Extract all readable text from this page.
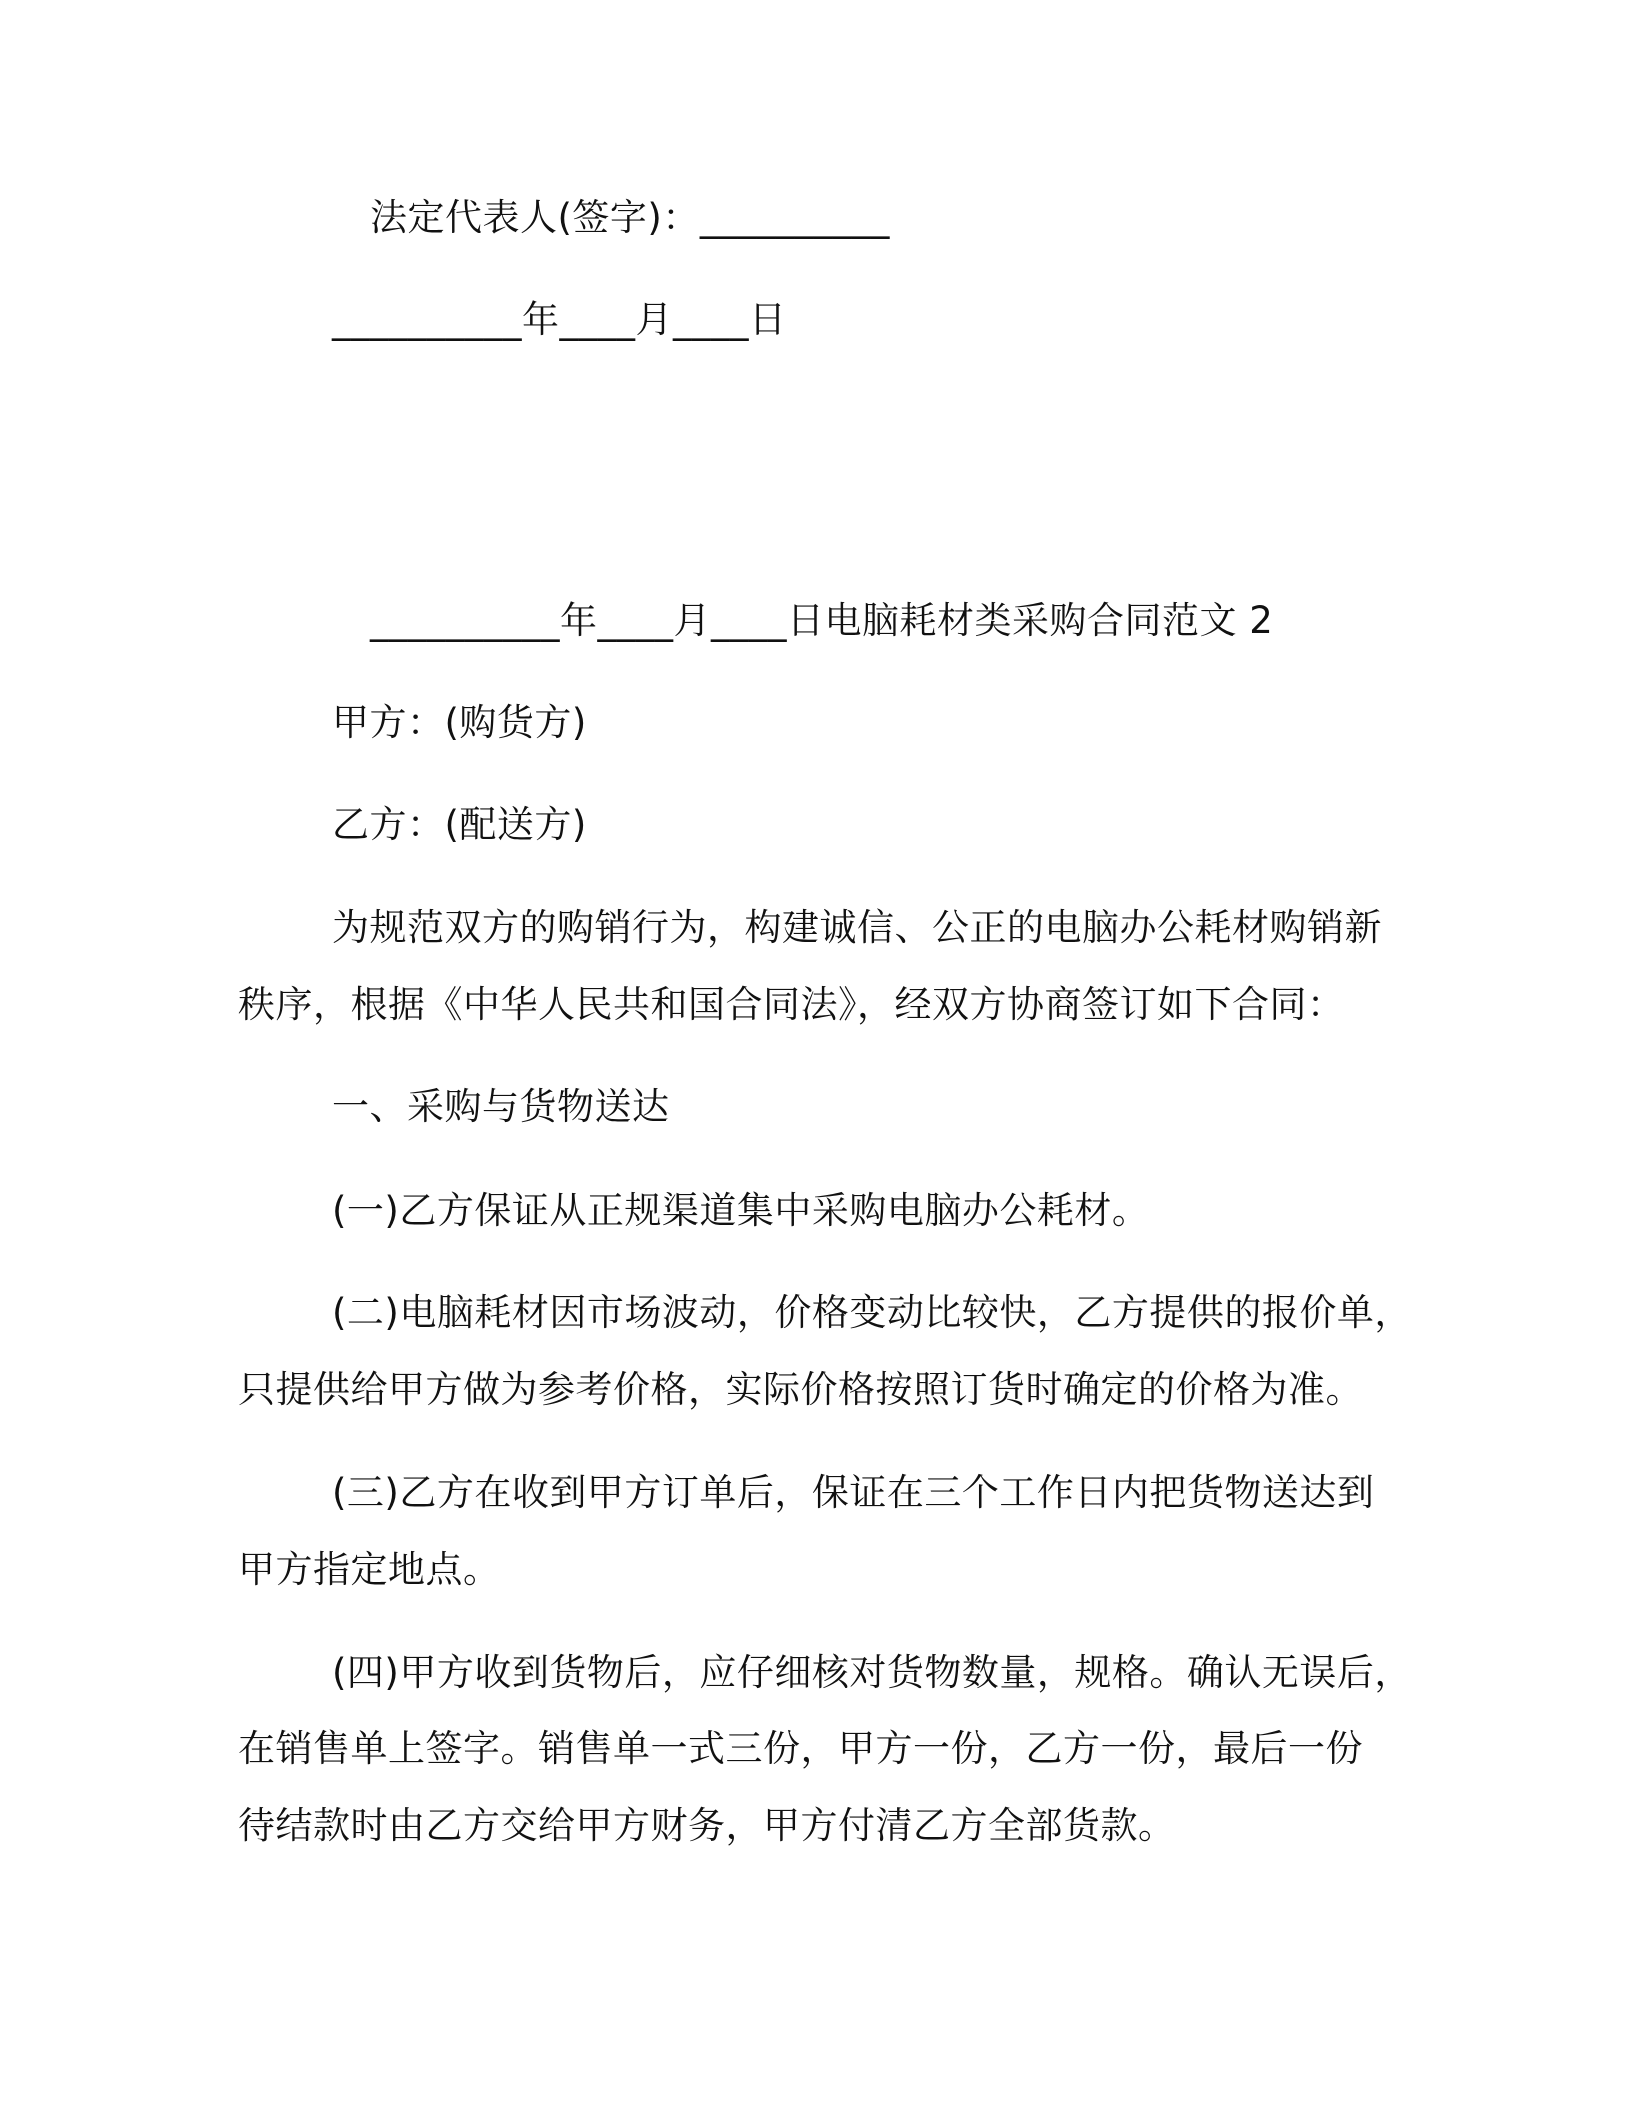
法定代表人(签字)：__________
__________年____月____日
__________年____月____日电脑耗材类采购合同范文 2
甲方：(购货方)
乙方：(配送方)
为规范双方的购销行为，构建诚信、公正的电脑办公耗材购销新
秩序，根据《中华人民共和国合同法》，经双方协商签订如下合同：
一、采购与货物送达
(一)乙方保证从正规渠道集中采购电脑办公耗材。
(二)电脑耗材因市场波动，价格变动比较快，乙方提供的报价单，
只提供给甲方做为参考价格，实际价格按照订货时确定的价格为准。
(三)乙方在收到甲方订单后，保证在三个工作日内把货物送达到
甲方指定地点。
(四)甲方收到货物后，应仔细核对货物数量，规格。确认无误后，
在销售单上签字。销售单一式三份，甲方一份，乙方一份，最后一份
待结款时由乙方交给甲方财务，甲方付清乙方全部货款。
